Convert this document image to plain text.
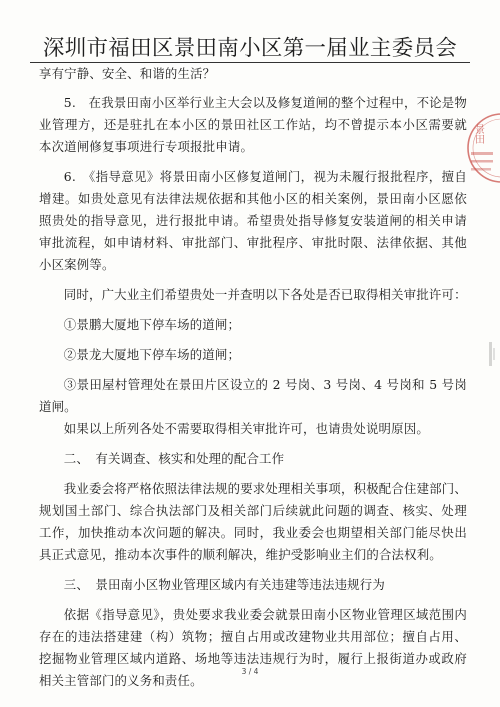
深圳市福田区景田南小区第一届业主委员会

享有宁静、安全、和谐的生活？

5.　在我景田南小区举行业主大会以及修复道闸的整个过程中，不论是物业管理方，还是驻扎在本小区的景田社区工作站，均不曾提示本小区需要就本次道闸修复事项进行专项报批申请。

6.　《指导意见》将景田南小区修复道闸门，视为未履行报批程序，擅自增建。如贵处意见有法律法规依据和其他小区的相关案例，景田南小区愿依照贵处的指导意见，进行报批申请。希望贵处指导修复安装道闸的相关申请审批流程，如申请材料、审批部门、审批程序、审批时限、法律依据、其他小区案例等。

同时，广大业主们希望贵处一并查明以下各处是否已取得相关审批许可：

①景鹏大厦地下停车场的道闸；

②景龙大厦地下停车场的道闸；

③景田屋村管理处在景田片区设立的 2 号岗、3 号岗、4 号岗和 5 号岗道闸。

如果以上所列各处不需要取得相关审批许可，也请贵处说明原因。

二、　有关调查、核实和处理的配合工作

我业委会将严格依照法律法规的要求处理相关事项，积极配合住建部门、规划国土部门、综合执法部门及相关部门后续就此问题的调查、核实、处理工作，加快推动本次问题的解决。同时，我业委会也期望相关部门能尽快出具正式意见，推动本次事件的顺利解决，维护受影响业主们的合法权利。

三、　景田南小区物业管理区域内有关违建等违法违规行为

依据《指导意见》，贵处要求我业委会就景田南小区物业管理区域范围内存在的违法搭建建（构）筑物；擅自占用或改建物业共用部位；擅自占用、挖掘物业管理区域内道路、场地等违法违规行为时，履行上报街道办或政府相关主管部门的义务和责任。

3 / 4
景田
